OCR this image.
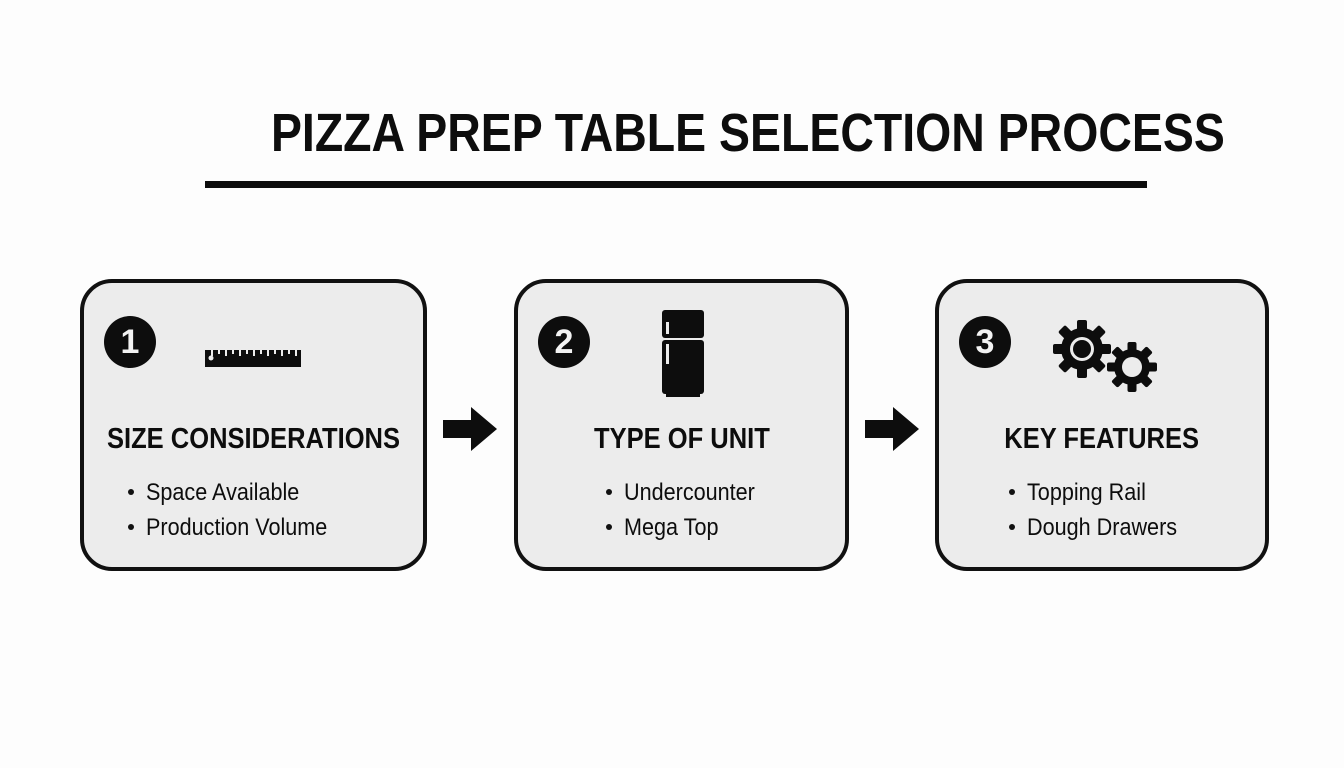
PIZZA PREP TABLE SELECTION PROCESS
1
SIZE CONSIDERATIONS
Space Available
Production Volume
2
TYPE OF UNIT
Undercounter
Mega Top
3
KEY FEATURES
Topping Rail
Dough Drawers
